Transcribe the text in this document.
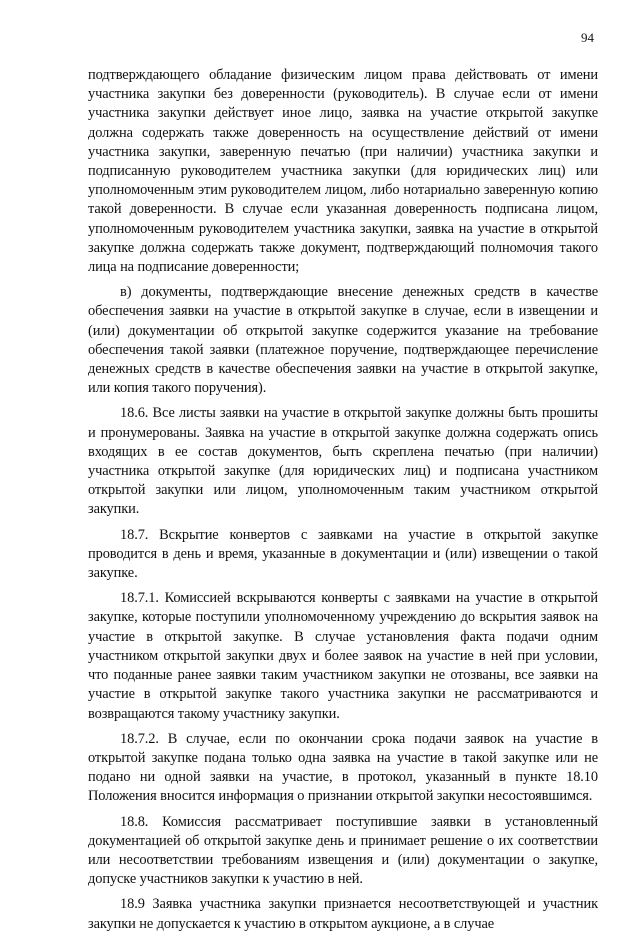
94

подтверждающего обладание физическим лицом права действовать от имени участника закупки без доверенности (руководитель). В случае если от имени участника закупки действует иное лицо, заявка на участие открытой закупке должна содержать также доверенность на осуществление действий от имени участника закупки, заверенную печатью (при наличии) участника закупки и подписанную руководителем участника закупки (для юридических лиц) или уполномоченным этим руководителем лицом, либо нотариально заверенную копию такой доверенности. В случае если указанная доверенность подписана лицом, уполномоченным руководителем участника закупки, заявка на участие в открытой закупке должна содержать также документ, подтверждающий полномочия такого лица на подписание доверенности;

в) документы, подтверждающие внесение денежных средств в качестве обеспечения заявки на участие в открытой закупке в случае, если в извещении и (или) документации об открытой закупке содержится указание на требование обеспечения такой заявки (платежное поручение, подтверждающее перечисление денежных средств в качестве обеспечения заявки на участие в открытой закупке, или копия такого поручения).

18.6. Все листы заявки на участие в открытой закупке должны быть прошиты и пронумерованы. Заявка на участие в открытой закупке должна содержать опись входящих в ее состав документов, быть скреплена печатью (при наличии) участника открытой закупке (для юридических лиц) и подписана участником открытой закупки или лицом, уполномоченным таким участником открытой закупки.

18.7. Вскрытие конвертов с заявками на участие в открытой закупке проводится в день и время, указанные в документации и (или) извещении о такой закупке.

18.7.1. Комиссией вскрываются конверты с заявками на участие в открытой закупке, которые поступили уполномоченному учреждению до вскрытия заявок на участие в открытой закупке. В случае установления факта подачи одним участником открытой закупки двух и более заявок на участие в ней при условии, что поданные ранее заявки таким участником закупки не отозваны, все заявки на участие в открытой закупке такого участника закупки не рассматриваются и возвращаются такому участнику закупки.

18.7.2. В случае, если по окончании срока подачи заявок на участие в открытой закупке подана только одна заявка на участие в такой закупке или не подано ни одной заявки на участие, в протокол, указанный в пункте 18.10 Положения вносится информация о признании открытой закупки несостоявшимся.

18.8. Комиссия рассматривает поступившие заявки в установленный документацией об открытой закупке день и принимает решение о их соответствии или несоответствии требованиям извещения и (или) документации о закупке, допуске участников закупки к участию в ней.

18.9 Заявка участника закупки признается несоответствующей и участник закупки не допускается к участию в открытом аукционе, а в случае
